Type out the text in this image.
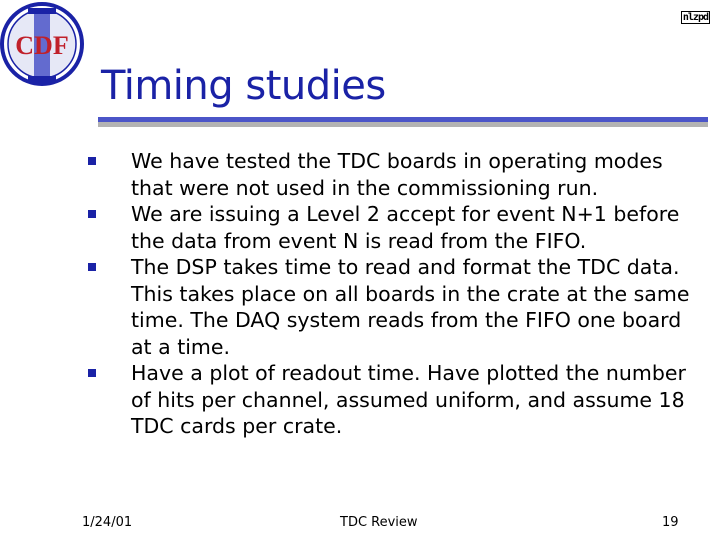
CDF
nlzpd
Timing studies
We have tested the TDC boards in operating modes that were not used in the commissioning run.
We are issuing a Level 2 accept for event N+1 before the data from event N is read from the FIFO.
The DSP takes time to read and format the TDC data. This takes place on all boards in the crate at the same time. The DAQ system reads from the FIFO one board at a time.
Have a plot of readout time. Have plotted the number of hits per channel, assumed uniform, and assume 18 TDC cards per crate.
1/24/01	TDC Review	19
